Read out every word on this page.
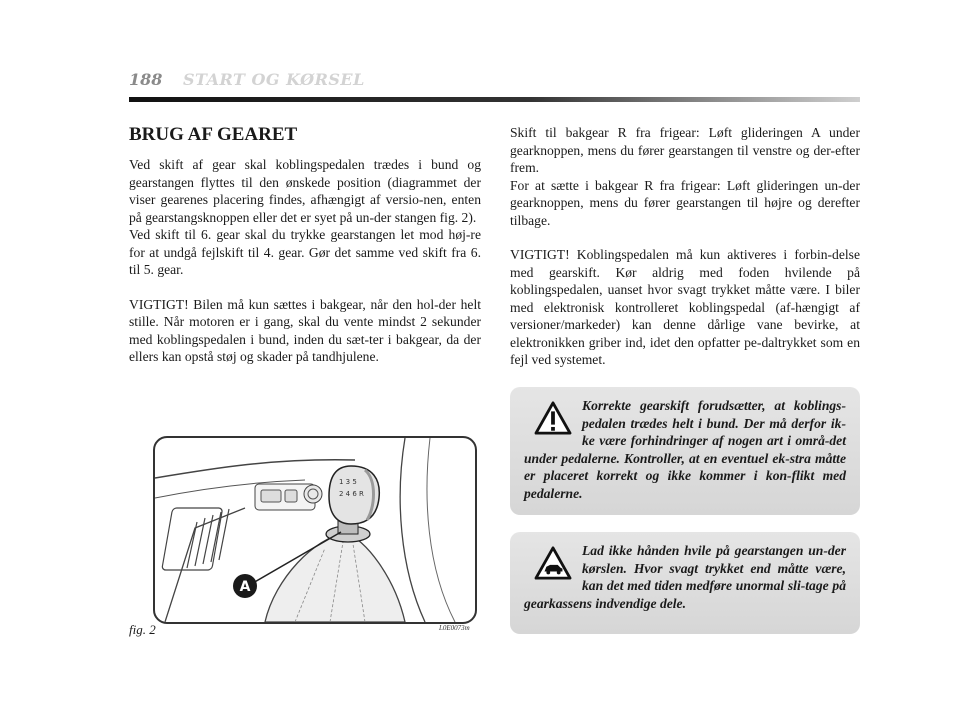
188 START OG KØRSEL
BRUG AF GEARET

Ved skift af gear skal koblingspedalen trædes i bund og gearstangen flyttes til den ønskede position (diagrammet der viser gearenes placering findes, afhængigt af versio-nen, enten på gearstangsknoppen eller det er syet på un-der stangen fig. 2).

Ved skift til 6. gear skal du trykke gearstangen let mod høj-re for at undgå fejlskift til 4. gear. Gør det samme ved skift fra 6. til 5. gear.

VIGTIGT! Bilen må kun sættes i bakgear, når den hol-der helt stille. Når motoren er i gang, skal du vente mindst 2 sekunder med koblingspedalen i bund, inden du sæt-ter i bakgear, da der ellers kan opstå støj og skader på tandhjulene.

Skift til bakgear R fra frigear: Løft glideringen A under gearknoppen, mens du fører gearstangen til venstre og der-efter frem.

For at sætte i bakgear R fra frigear: Løft glideringen un-der gearknoppen, mens du fører gearstangen til højre og derefter tilbage.

VIGTIGT! Koblingspedalen må kun aktiveres i forbin-delse med gearskift. Kør aldrig med foden hvilende på koblingspedalen, uanset hvor svagt trykket måtte være. I biler med elektronisk kontrolleret koblingspedal (af-hængigt af versioner/markeder) kan denne dårlige vane bevirke, at elektronikken griber ind, idet den opfatter pe-daltrykket som en fejl ved systemet.

Korrekte gearskift forudsætter, at koblings-pedalen trædes helt i bund. Der må derfor ik-ke være forhindringer af nogen art i områ-det under pedalerne. Kontroller, at en eventuel ek-stra måtte er placeret korrekt og ikke kommer i kon-flikt med pedalerne.

Lad ikke hånden hvile på gearstangen un-der kørslen. Hvor svagt trykket end måtte være, kan det med tiden medføre unormal sli-tage på gearkassens indvendige dele.

1 3 5
2 4 6 R
A
fig. 2	L0E0073m
